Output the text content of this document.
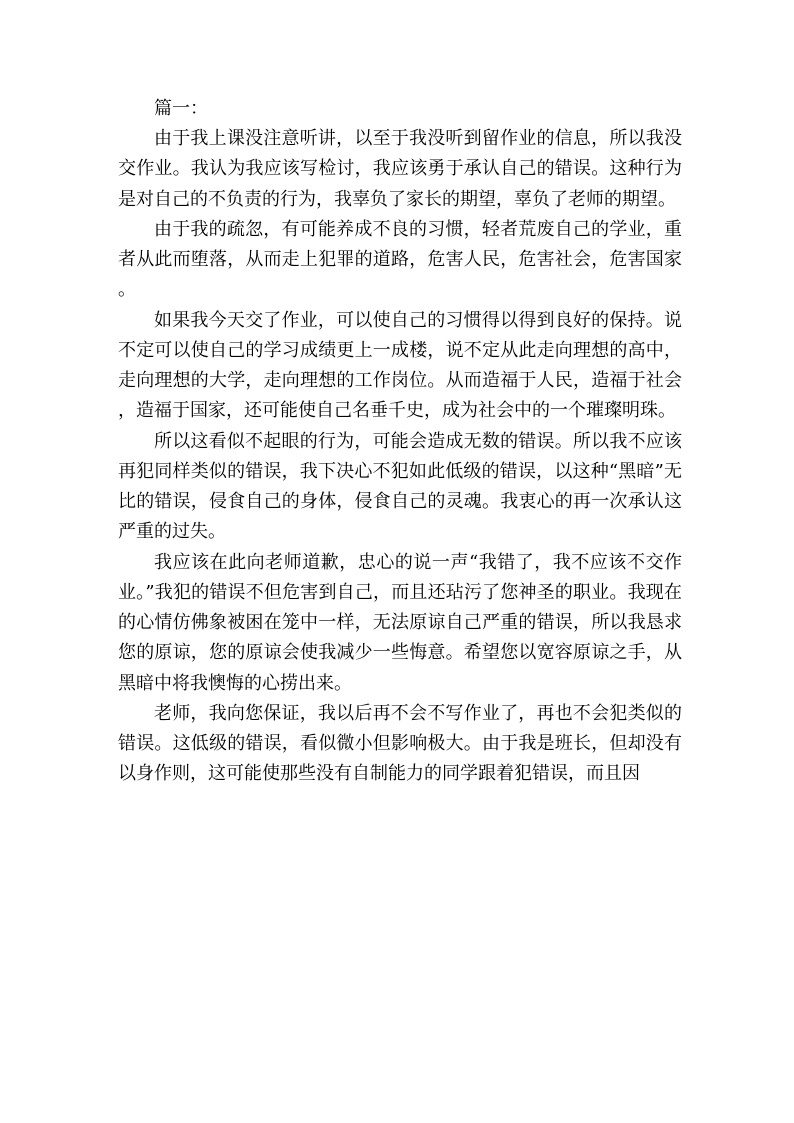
篇一：

由于我上课没注意听讲，以至于我没听到留作业的信息，所以我没交作业。我认为我应该写检讨，我应该勇于承认自己的错误。这种行为是对自己的不负责的行为，我辜负了家长的期望，辜负了老师的期望。

由于我的疏忽，有可能养成不良的习惯，轻者荒废自己的学业，重者从此而堕落，从而走上犯罪的道路，危害人民，危害社会，危害国家。

如果我今天交了作业，可以使自己的习惯得以得到良好的保持。说不定可以使自己的学习成绩更上一成楼，说不定从此走向理想的高中，走向理想的大学，走向理想的工作岗位。从而造福于人民，造福于社会，造福于国家，还可能使自己名垂千史，成为社会中的一个璀璨明珠。

所以这看似不起眼的行为，可能会造成无数的错误。所以我不应该再犯同样类似的错误，我下决心不犯如此低级的错误，以这种“黑暗”无比的错误，侵食自己的身体，侵食自己的灵魂。我衷心的再一次承认这严重的过失。

我应该在此向老师道歉，忠心的说一声“我错了，我不应该不交作业。”我犯的错误不但危害到自己，而且还玷污了您神圣的职业。我现在的心情仿佛象被困在笼中一样，无法原谅自己严重的错误，所以我恳求您的原谅，您的原谅会使我减少一些悔意。希望您以宽容原谅之手，从黑暗中将我懊悔的心捞出来。

老师，我向您保证，我以后再不会不写作业了，再也不会犯类似的错误。这低级的错误，看似微小但影响极大。由于我是班长，但却没有以身作则，这可能使那些没有自制能力的同学跟着犯错误，而且因
